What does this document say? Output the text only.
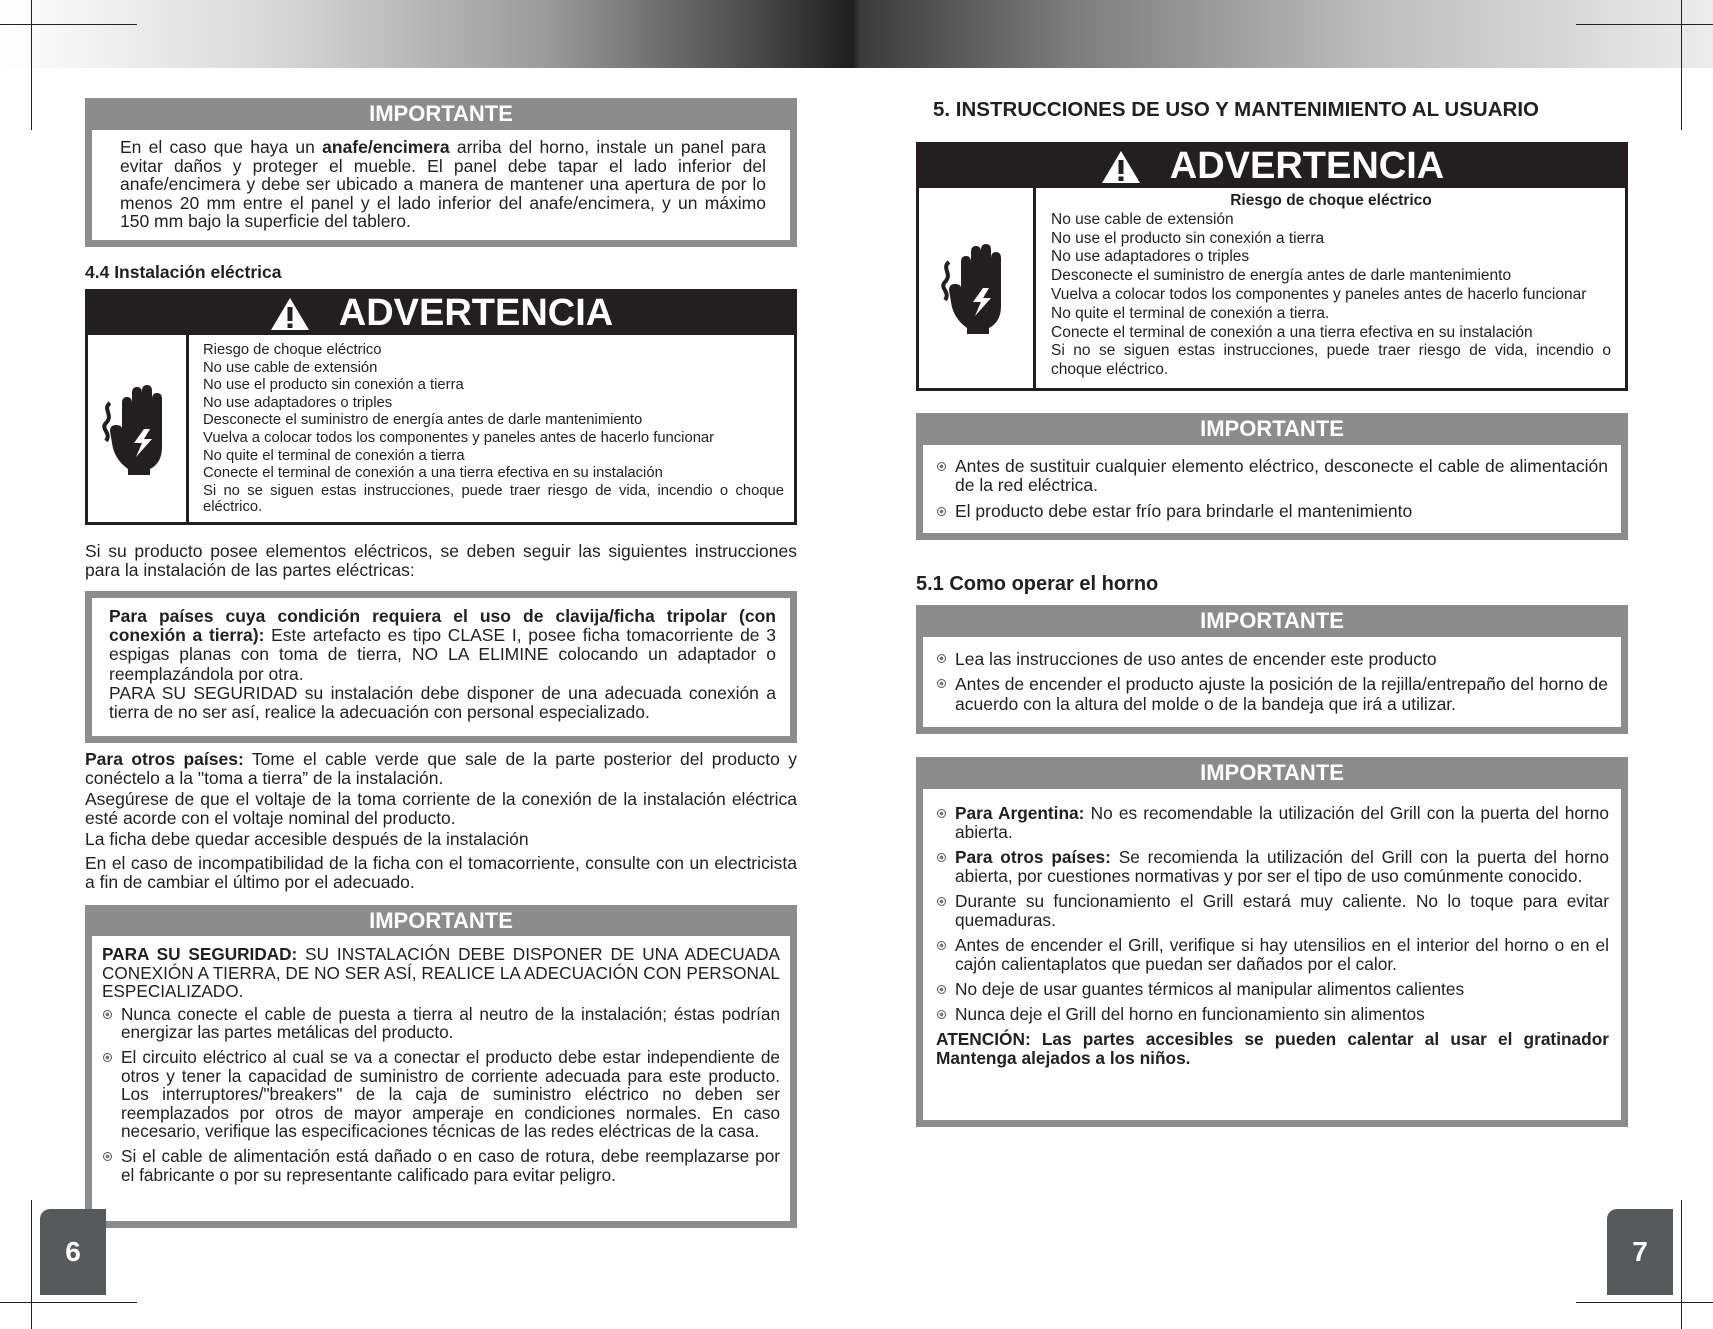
IMPORTANTE
En el caso que haya un anafe/encimera arriba del horno, instale un panel para evitar daños y proteger el mueble. El panel debe tapar el lado inferior del anafe/encimera y debe ser ubicado a manera de mantener una apertura de por lo menos 20 mm entre el panel y el lado inferior del anafe/encimera, y un máximo 150 mm bajo la superficie del tablero.
4.4 Instalación eléctrica
ADVERTENCIA
Riesgo de choque eléctrico
No use cable de extensión
No use el producto sin conexión a tierra
No use adaptadores o triples
Desconecte el suministro de energía antes de darle mantenimiento
Vuelva a colocar todos los componentes y paneles antes de hacerlo funcionar
No quite el terminal de conexión a tierra
Conecte el terminal de conexión a una tierra efectiva en su instalación
Si no se siguen estas instrucciones, puede traer riesgo de vida, incendio o choque eléctrico.
Si su producto posee elementos eléctricos, se deben seguir las siguientes instrucciones para la instalación de las partes eléctricas:
Para países cuya condición requiera el uso de clavija/ficha tripolar (con conexión a tierra): Este artefacto es tipo CLASE I, posee ficha tomacorriente de 3 espigas planas con toma de tierra, NO LA ELIMINE colocando un adaptador o reemplazándola por otra.
PARA SU SEGURIDAD su instalación debe disponer de una adecuada conexión a tierra de no ser así, realice la adecuación con personal especializado.

Para otros países: Tome el cable verde que sale de la parte posterior del producto y conéctelo a la "toma a tierra” de la instalación.

Asegúrese de que el voltaje de la toma corriente de la conexión de la instalación eléctrica esté acorde con el voltaje nominal del producto.

La ficha debe quedar accesible después de la instalación

En el caso de incompatibilidad de la ficha con el tomacorriente, consulte con un electricista a fin de cambiar el último por el adecuado.

IMPORTANTE
PARA SU SEGURIDAD: SU INSTALACIÓN DEBE DISPONER DE UNA ADECUADA CONEXIÓN A TIERRA, DE NO SER ASÍ, REALICE LA ADECUACIÓN CON PERSONAL ESPECIALIZADO.
Nunca conecte el cable de puesta a tierra al neutro de la instalación; éstas podrían energizar las partes metálicas del producto.
El circuito eléctrico al cual se va a conectar el producto debe estar independiente de otros y tener la capacidad de suministro de corriente adecuada para este producto. Los interruptores/"breakers" de la caja de suministro eléctrico no deben ser reemplazados por otros de mayor amperaje en condiciones normales. En caso necesario, verifique las especificaciones técnicas de las redes eléctricas de la casa.
Si el cable de alimentación está dañado o en caso de rotura, debe reemplazarse por el fabricante o por su representante calificado para evitar peligro.
6
5. INSTRUCCIONES DE USO Y MANTENIMIENTO AL USUARIO
ADVERTENCIA
Riesgo de choque eléctrico
No use cable de extensión
No use el producto sin conexión a tierra
No use adaptadores o triples
Desconecte el suministro de energía antes de darle mantenimiento
Vuelva a colocar todos los componentes y paneles antes de hacerlo funcionar
No quite el terminal de conexión a tierra.
Conecte el terminal de conexión a una tierra efectiva en su instalación
Si no se siguen estas instrucciones, puede traer riesgo de vida, incendio o choque eléctrico.
IMPORTANTE
Antes de sustituir cualquier elemento eléctrico, desconecte el cable de alimentación de la red eléctrica.
El producto debe estar frío para brindarle el mantenimiento
5.1 Como operar el horno
IMPORTANTE
Lea las instrucciones de uso antes de encender este producto
Antes de encender el producto ajuste la posición de la rejilla/entrepaño del horno de acuerdo con la altura del molde o de la bandeja que irá a utilizar.
IMPORTANTE
Para Argentina: No es recomendable la utilización del Grill con la puerta del horno abierta.
Para otros países: Se recomienda la utilización del Grill con la puerta del horno abierta, por cuestiones normativas y por ser el tipo de uso comúnmente conocido.
Durante su funcionamiento el Grill estará muy caliente. No lo toque para evitar quemaduras.
Antes de encender el Grill, verifique si hay utensilios en el interior del horno o en el cajón calientaplatos que puedan ser dañados por el calor.
No deje de usar guantes térmicos al manipular alimentos calientes
Nunca deje el Grill del horno en funcionamiento sin alimentos
ATENCIÓN: Las partes accesibles se pueden calentar al usar el gratinador Mantenga alejados a los niños.
7
